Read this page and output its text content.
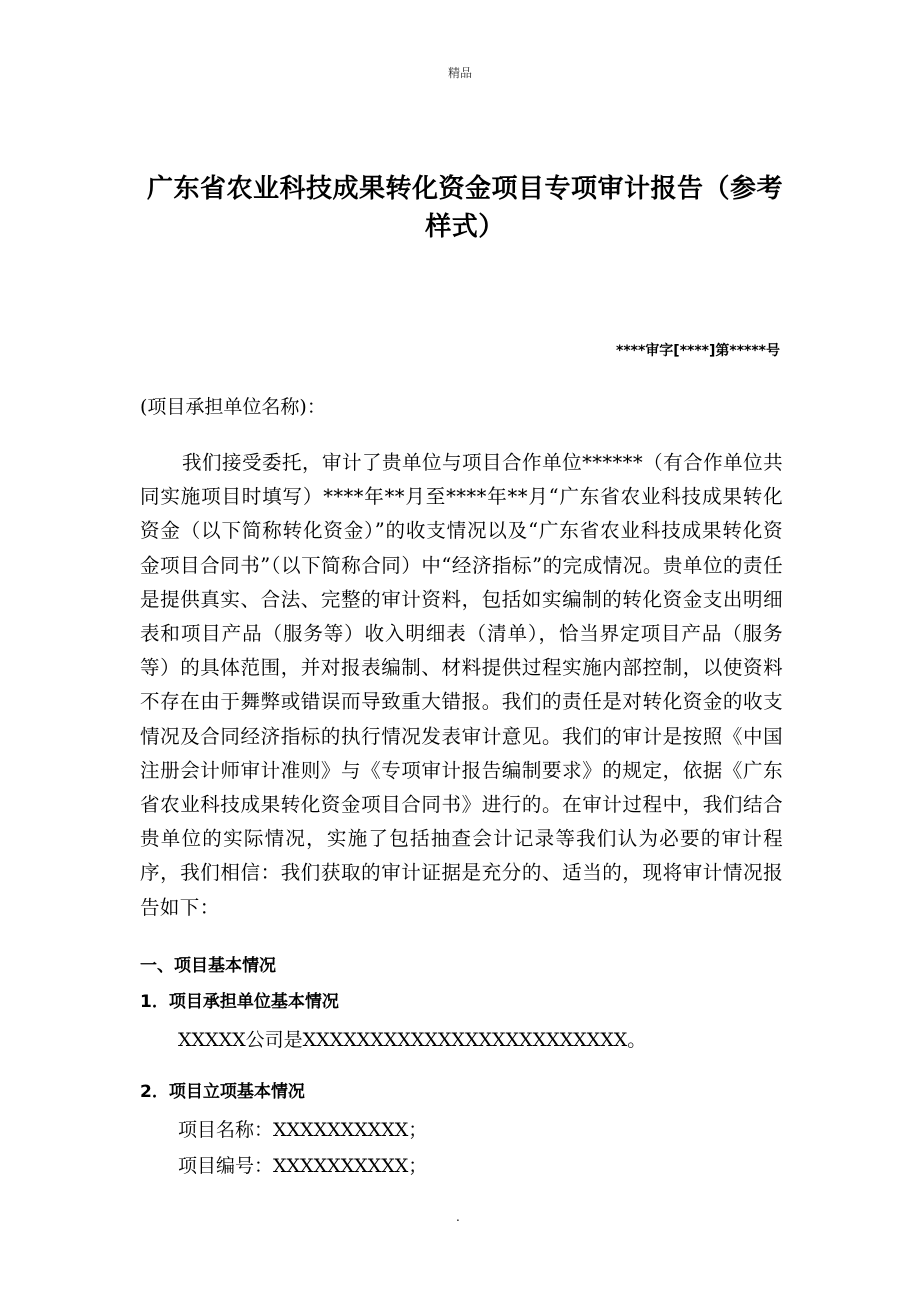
精品
广东省农业科技成果转化资金项目专项审计报告（参考样式）
****审字[****]第*****号
(项目承担单位名称)：
我们接受委托，审计了贵单位与项目合作单位******（有合作单位共同实施项目时填写）****年**月至****年**月“广东省农业科技成果转化资金（以下简称转化资金）”的收支情况以及“广东省农业科技成果转化资金项目合同书”（以下简称合同）中“经济指标”的完成情况。贵单位的责任是提供真实、合法、完整的审计资料，包括如实编制的转化资金支出明细表和项目产品（服务等）收入明细表（清单），恰当界定项目产品（服务等）的具体范围，并对报表编制、材料提供过程实施内部控制，以使资料不存在由于舞弊或错误而导致重大错报。我们的责任是对转化资金的收支情况及合同经济指标的执行情况发表审计意见。我们的审计是按照《中国注册会计师审计准则》与《专项审计报告编制要求》的规定，依据《广东省农业科技成果转化资金项目合同书》进行的。在审计过程中，我们结合贵单位的实际情况，实施了包括抽查会计记录等我们认为必要的审计程序，我们相信：我们获取的审计证据是充分的、适当的，现将审计情况报告如下：
一、项目基本情况
1．项目承担单位基本情况
XXXXX公司是XXXXXXXXXXXXXXXXXXXXXXXX。
2．项目立项基本情况
项目名称：XXXXXXXXXX；
项目编号：XXXXXXXXXX；
.
